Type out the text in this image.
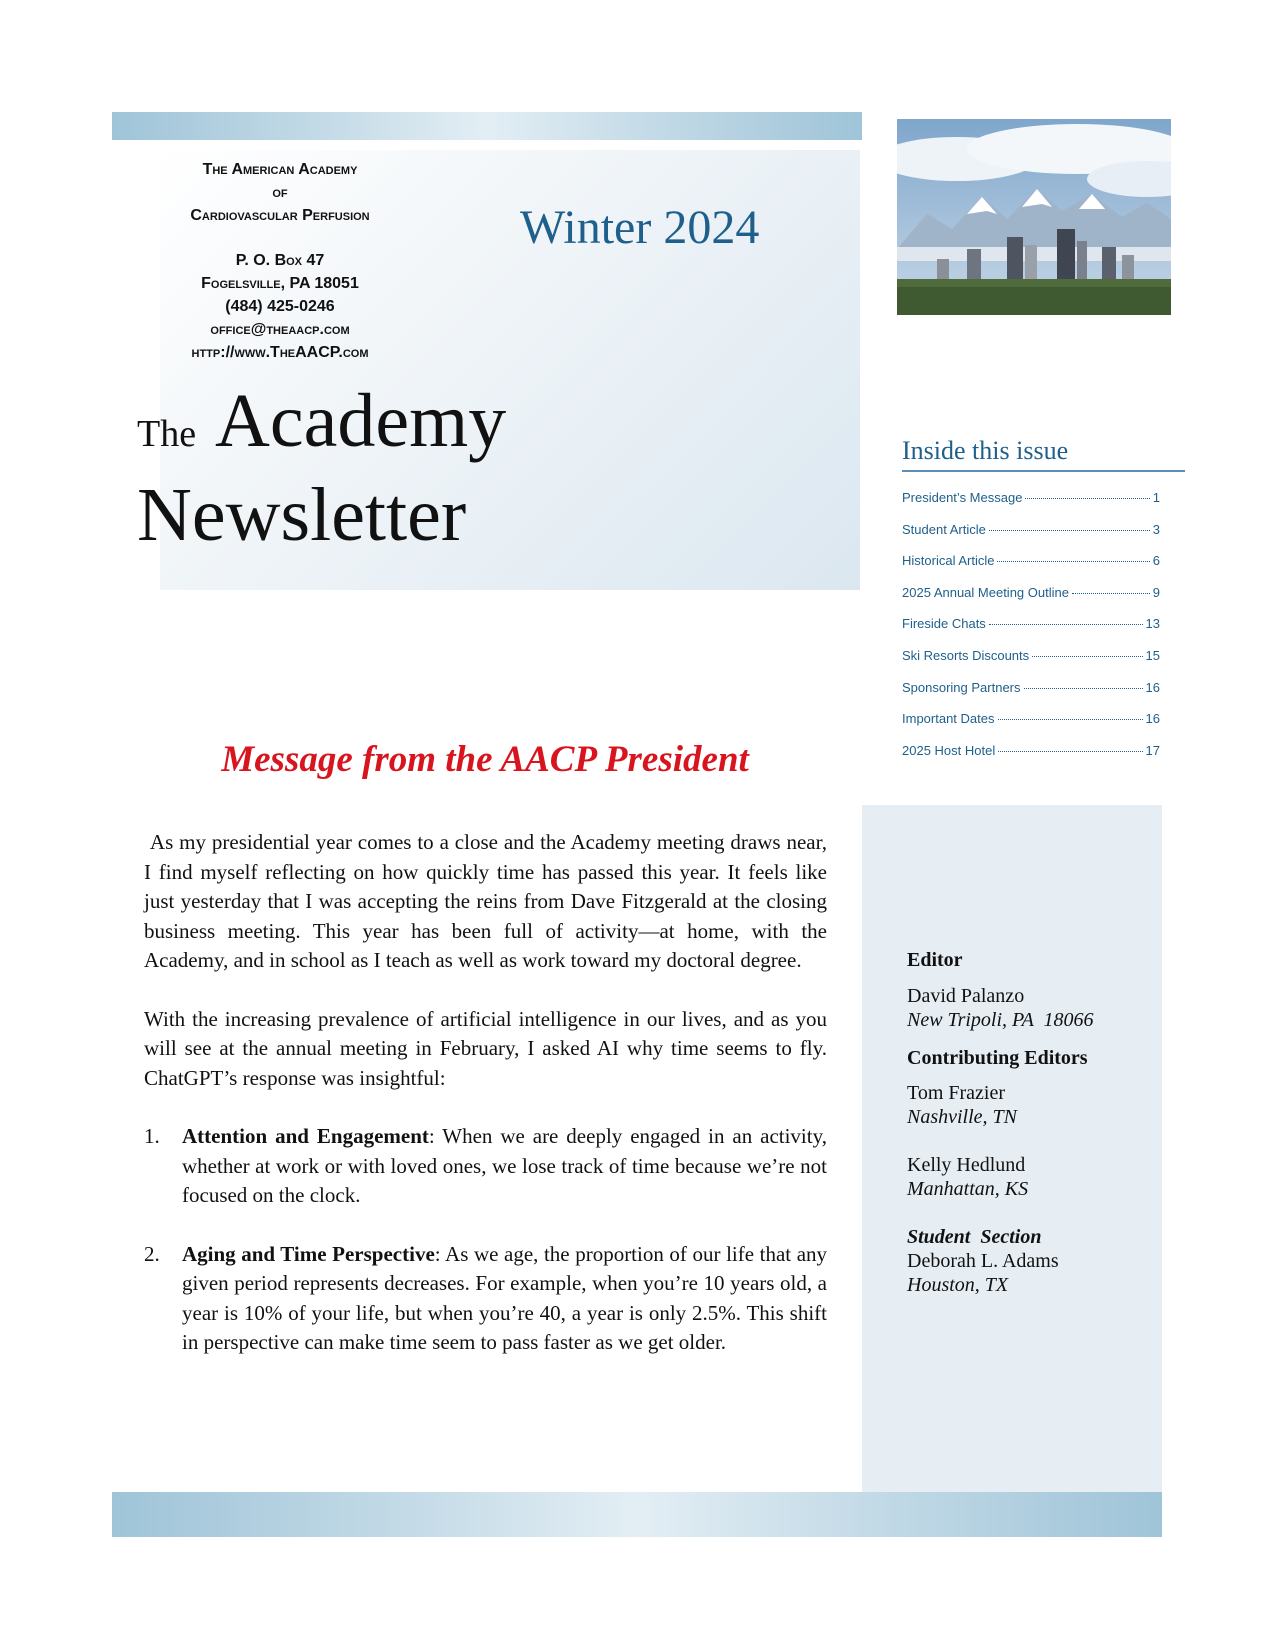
The American Academy
of
Cardiovascular Perfusion
P. O. Box 47
Fogelsville, PA 18051
(484) 425-0246
office@theaacp.com
http://www.TheAACP.com
Winter 2024
The Academy
Newsletter
Inside this issue
President’s Message	1
Student Article	3
Historical Article	6
2025 Annual Meeting Outline	9
Fireside Chats	13
Ski Resorts Discounts	15
Sponsoring Partners	16
Important Dates	16
2025 Host Hotel	17
Message from the AACP President

As my presidential year comes to a close and the Academy meeting draws near, I find myself reflecting on how quickly time has passed this year. It feels like just yesterday that I was accepting the reins from Dave Fitzgerald at the closing business meeting. This year has been full of activity—at home, with the Academy, and in school as I teach as well as work toward my doctoral degree.

With the increasing prevalence of artificial intelligence in our lives, and as you will see at the annual meeting in February, I asked AI why time seems to fly. ChatGPT’s response was insightful:

1. Attention and Engagement: When we are deeply engaged in an activity, whether at work or with loved ones, we lose track of time because we’re not focused on the clock.
2. Aging and Time Perspective: As we age, the proportion of our life that any given period represents decreases. For example, when you’re 10 years old, a year is 10% of your life, but when you’re 40, a year is only 2.5%. This shift in perspective can make time seem to pass faster as we get older.
Editor
David Palanzo
New Tripoli, PA  18066
Contributing Editors
Tom Frazier
Nashville, TN
Kelly Hedlund
Manhattan, KS
Student  Section
Deborah L. Adams
Houston, TX
